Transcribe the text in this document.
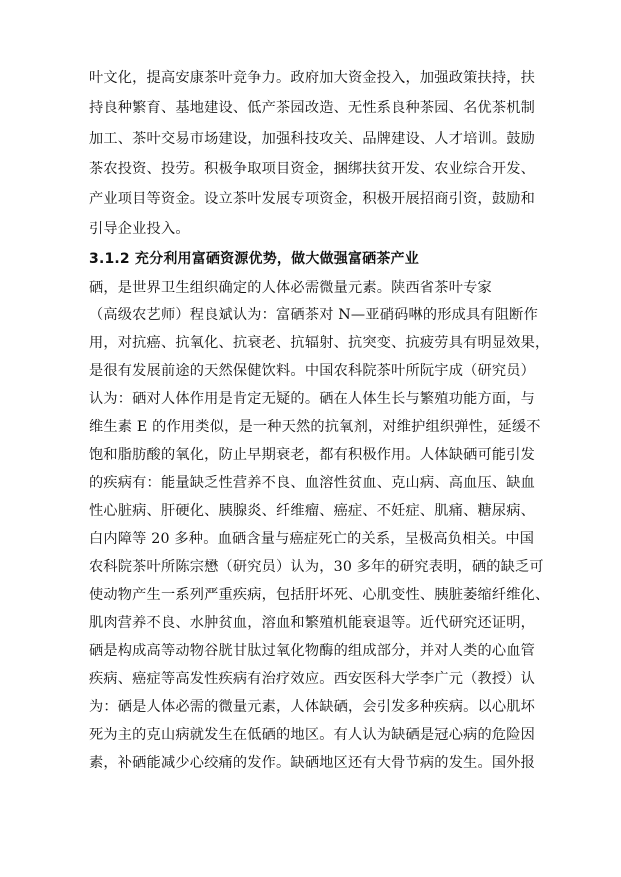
叶文化，提高安康茶叶竞争力。政府加大资金投入，加强政策扶持，扶
持良种繁育、基地建设、低产茶园改造、无性系良种茶园、名优茶机制
加工、茶叶交易市场建设，加强科技攻关、品牌建设、人才培训。鼓励
茶农投资、投劳。积极争取项目资金，捆绑扶贫开发、农业综合开发、
产业项目等资金。设立茶叶发展专项资金，积极开展招商引资，鼓励和
引导企业投入。
3.1.2 充分利用富硒资源优势，做大做强富硒茶产业
硒，是世界卫生组织确定的人体必需微量元素。陕西省茶叶专家
（高级农艺师）程良斌认为：富硒茶对 N—亚硝码啉的形成具有阻断作
用，对抗癌、抗氧化、抗衰老、抗辐射、抗突变、抗疲劳具有明显效果，
是很有发展前途的天然保健饮料。中国农科院茶叶所阮宇成（研究员）
认为：硒对人体作用是肯定无疑的。硒在人体生长与繁殖功能方面，与
维生素 E 的作用类似，是一种天然的抗氧剂，对维护组织弹性，延缓不
饱和脂肪酸的氧化，防止早期衰老，都有积极作用。人体缺硒可能引发
的疾病有：能量缺乏性营养不良、血溶性贫血、克山病、高血压、缺血
性心脏病、肝硬化、胰腺炎、纤维瘤、癌症、不妊症、肌痛、糖尿病、
白内障等 20 多种。血硒含量与癌症死亡的关系，呈极高负相关。中国
农科院茶叶所陈宗懋（研究员）认为，30 多年的研究表明，硒的缺乏可
使动物产生一系列严重疾病，包括肝坏死、心肌变性、胰脏萎缩纤维化、
肌肉营养不良、水肿贫血，溶血和繁殖机能衰退等。近代研究还证明，
硒是构成高等动物谷胱甘肽过氧化物酶的组成部分，并对人类的心血管
疾病、癌症等高发性疾病有治疗效应。西安医科大学李广元（教授）认
为：硒是人体必需的微量元素，人体缺硒，会引发多种疾病。以心肌坏
死为主的克山病就发生在低硒的地区。有人认为缺硒是冠心病的危险因
素，补硒能减少心绞痛的发作。缺硒地区还有大骨节病的发生。国外报
